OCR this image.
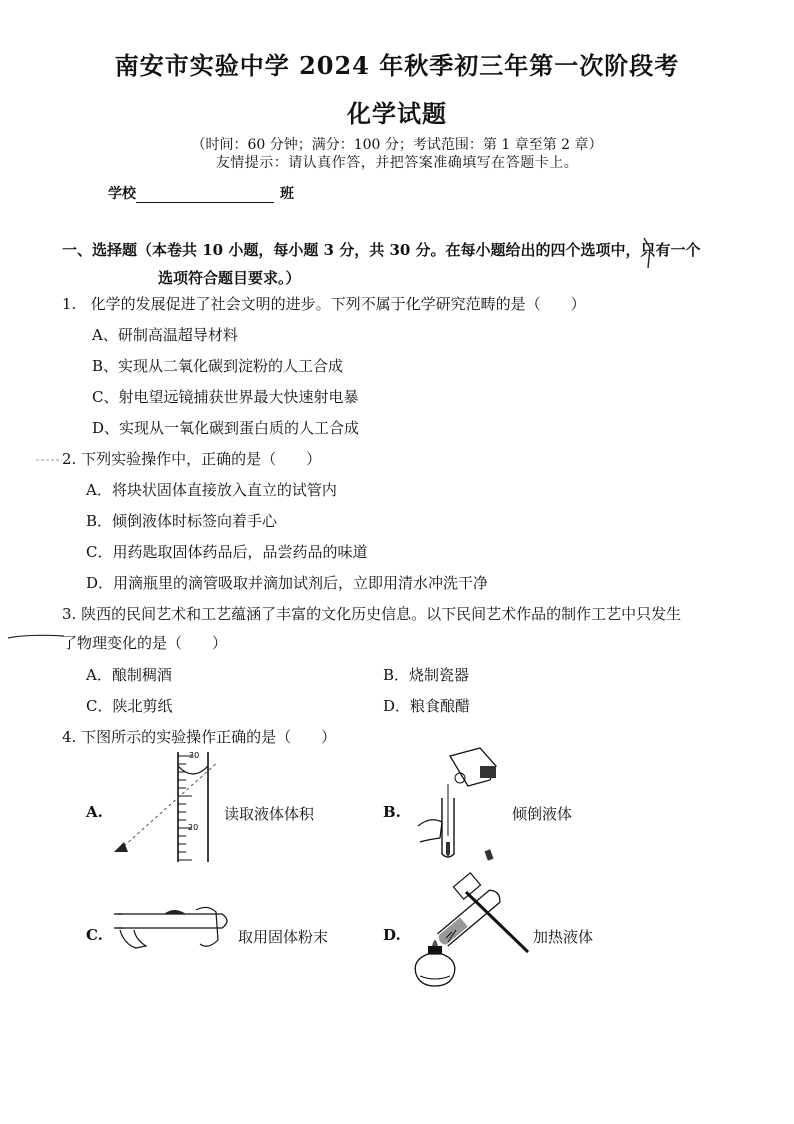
南安市实验中学 2024 年秋季初三年第一次阶段考
化学试题
（时间：60 分钟；满分：100 分；考试范围：第 1 章至第 2 章）
友情提示：请认真作答，并把答案准确填写在答题卡上。
学校	班
一、选择题（本卷共 10 小题，每小题 3 分，共 30 分。在每小题给出的四个选项中，只有一个
选项符合题目要求。）
1. 化学的发展促进了社会文明的进步。下列不属于化学研究范畴的是（　　）
A、研制高温超导材料
B、实现从二氧化碳到淀粉的人工合成
C、射电望远镜捕获世界最大快速射电暴
D、实现从一氧化碳到蛋白质的人工合成
2. 下列实验操作中，正确的是（　　）
A．将块状固体直接放入直立的试管内
B．倾倒液体时标签向着手心
C．用药匙取固体药品后，品尝药品的味道
D．用滴瓶里的滴管吸取并滴加试剂后，立即用清水冲洗干净
3. 陕西的民间艺术和工艺蕴涵了丰富的文化历史信息。以下民间艺术作品的制作工艺中只发生
了物理变化的是（　　）
A．酿制稠酒	B．烧制瓷器
C．陕北剪纸	D．粮食酿醋
4. 下图所示的实验操作正确的是（　　）
A.
30
20
读取液体体积	B.	倾倒液体
C.	取用固体粉末	D.	加热液体
